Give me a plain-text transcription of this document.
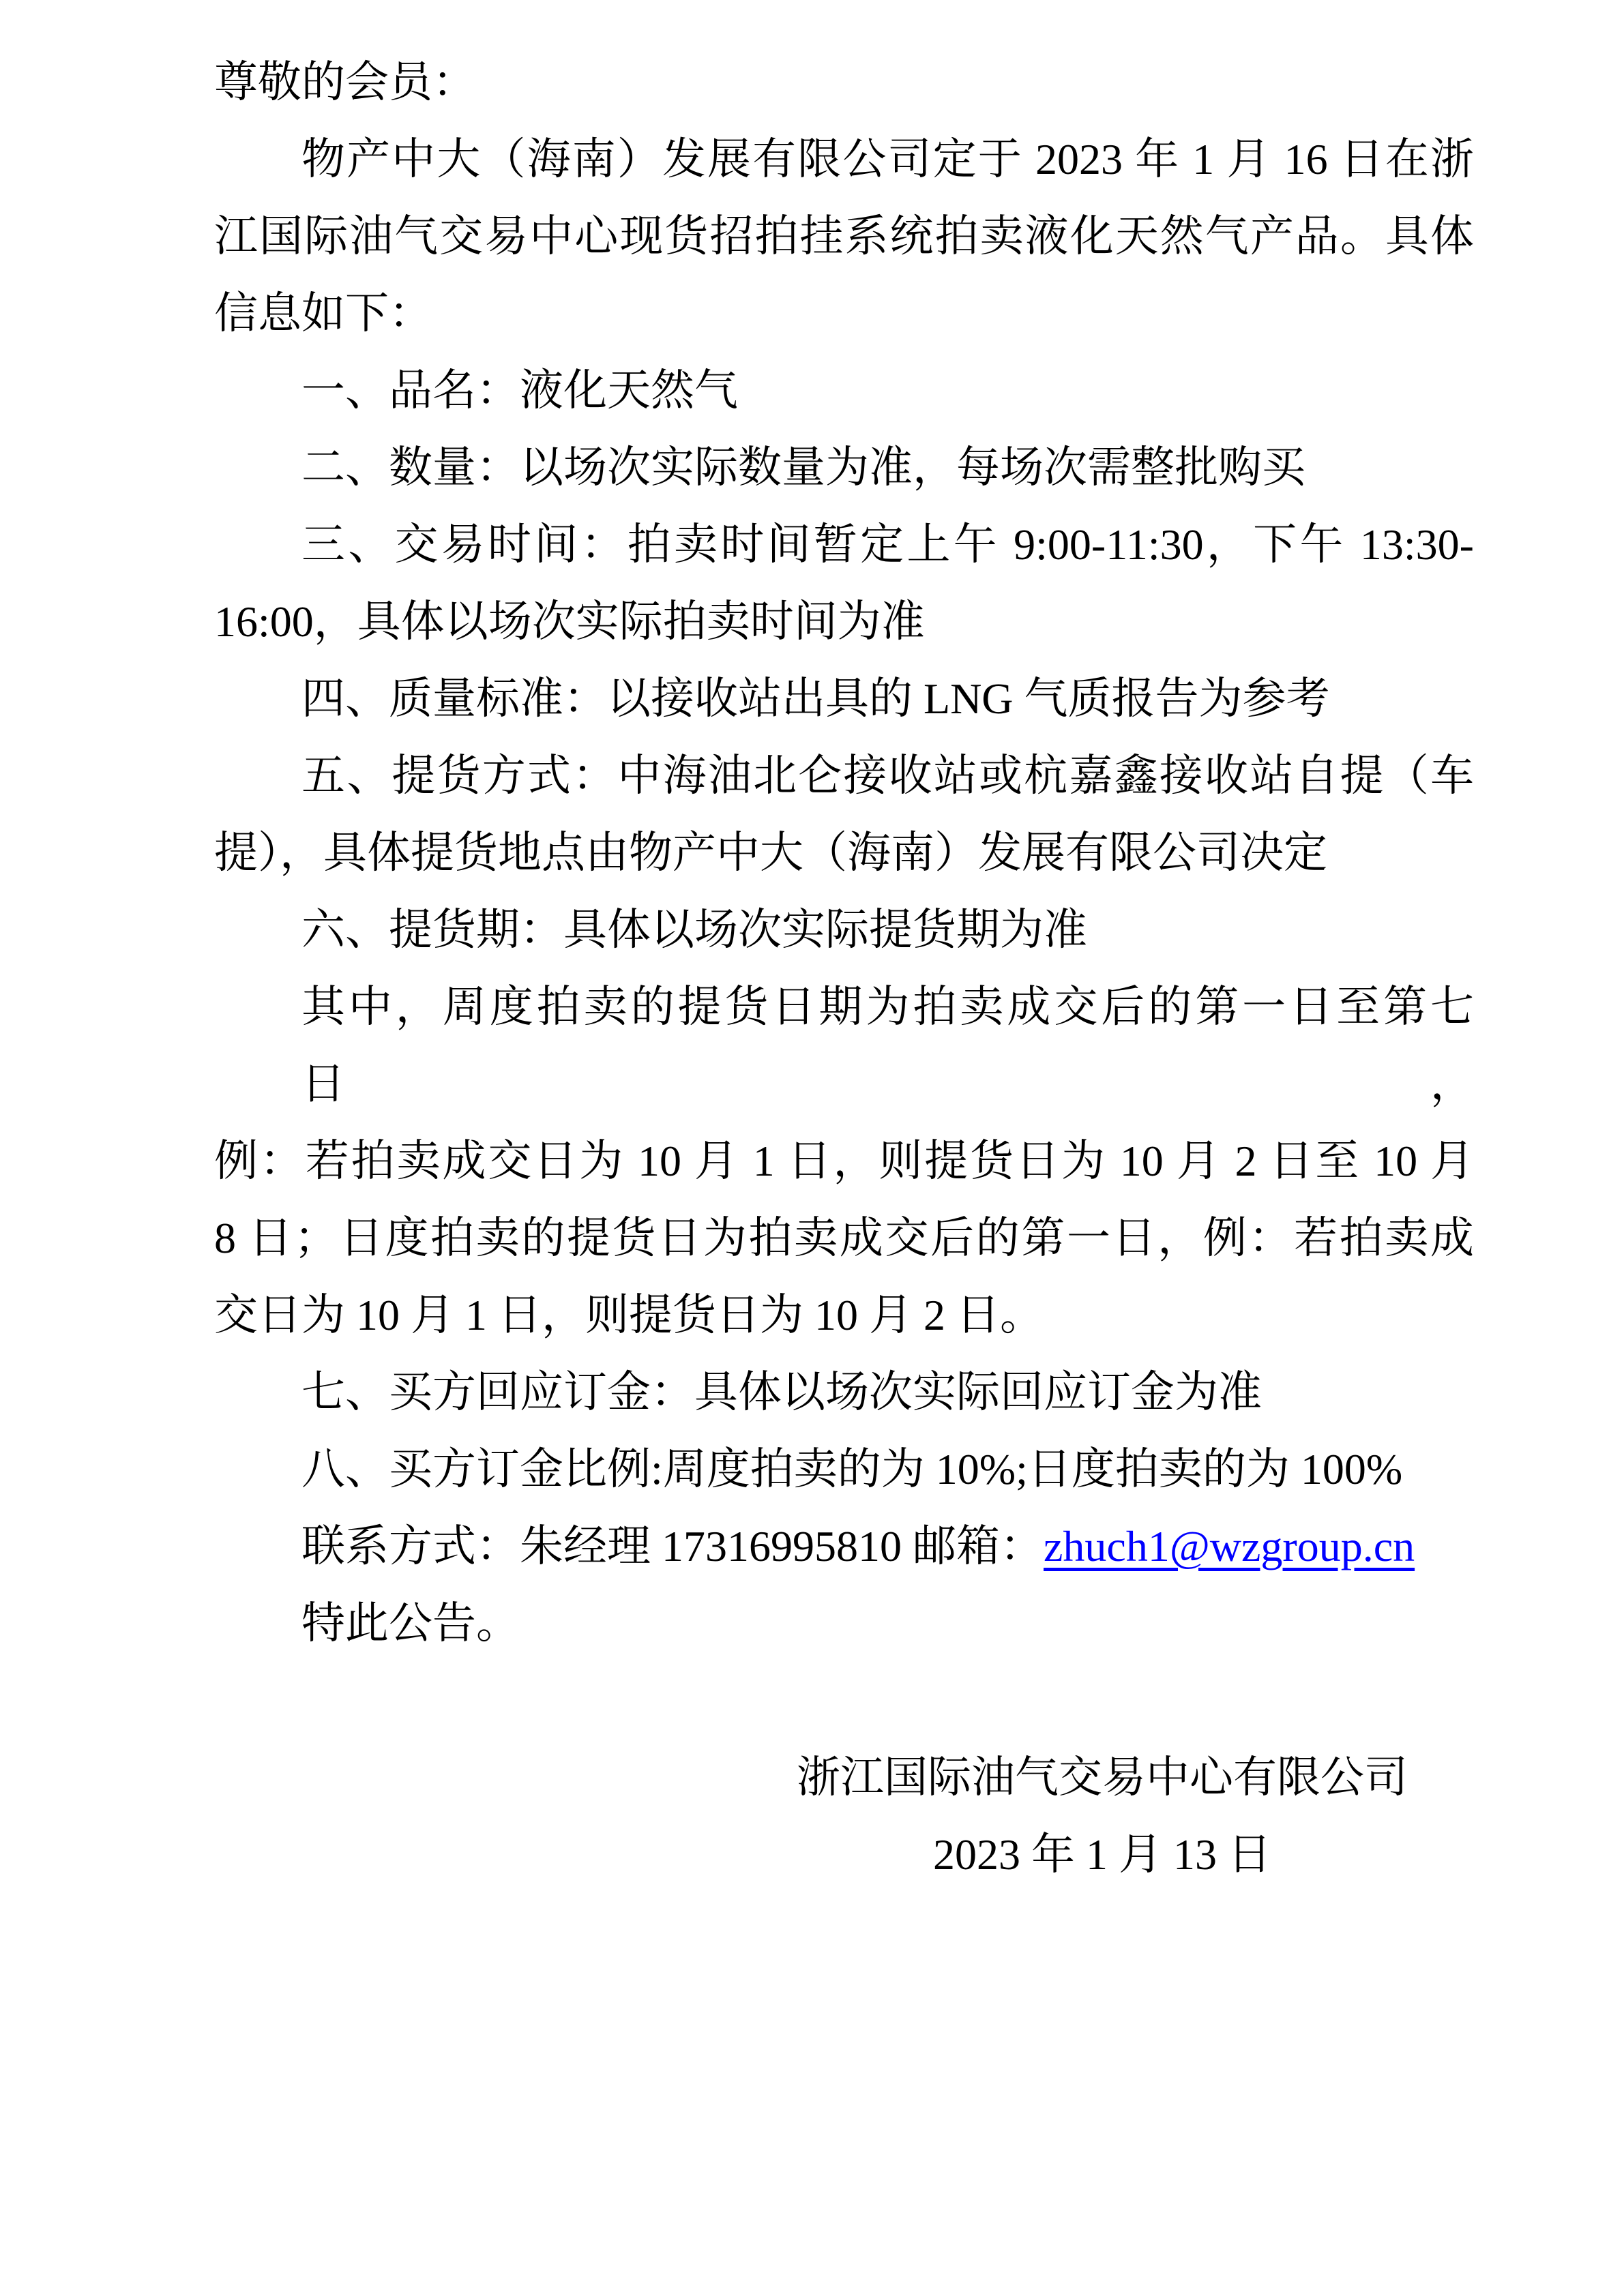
尊敬的会员：
物产中大（海南）发展有限公司定于 2023 年 1 月 16 日在浙
江国际油气交易中心现货招拍挂系统拍卖液化天然气产品。具体
信息如下：
一、品名：液化天然气
二、数量：以场次实际数量为准，每场次需整批购买
三、交易时间：拍卖时间暂定上午 9:00-11:30，下午 13:30-
16:00，具体以场次实际拍卖时间为准
四、质量标准：以接收站出具的 LNG 气质报告为参考
五、提货方式：中海油北仑接收站或杭嘉鑫接收站自提（车
提），具体提货地点由物产中大（海南）发展有限公司决定
六、提货期：具体以场次实际提货期为准
其中，周度拍卖的提货日期为拍卖成交后的第一日至第七日，
例：若拍卖成交日为 10 月 1 日，则提货日为 10 月 2 日至 10 月
8 日；日度拍卖的提货日为拍卖成交后的第一日，例：若拍卖成
交日为 10 月 1 日，则提货日为 10 月 2 日。
七、买方回应订金：具体以场次实际回应订金为准
八、买方订金比例:周度拍卖的为 10%;日度拍卖的为 100%
联系方式：朱经理 17316995810 邮箱：zhuch1@wzgroup.cn
特此公告。
浙江国际油气交易中心有限公司
2023 年 1 月 13 日
